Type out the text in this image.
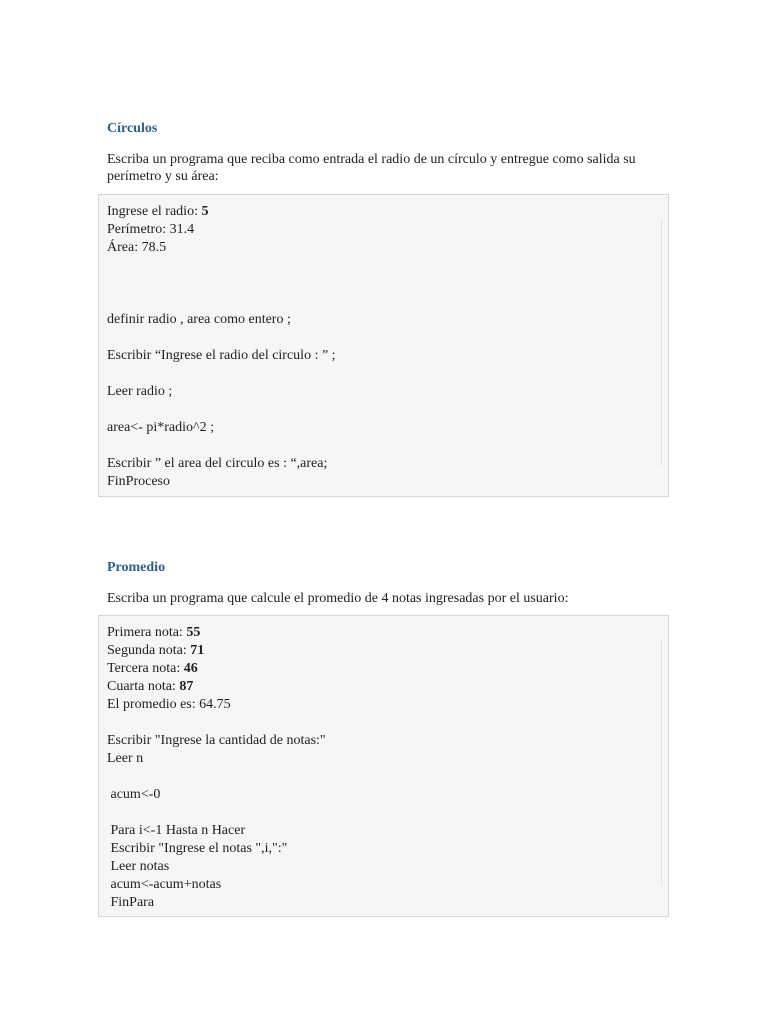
Círculos

Escriba un programa que reciba como entrada el radio de un círculo y entregue como salida su perímetro y su área:

Ingrese el radio: 5
Perímetro: 31.4
Área: 78.5
definir radio , area como entero ;
Escribir “Ingrese el radio del circulo : ” ;
Leer radio ;
area<- pi*radio^2 ;
Escribir ” el area del circulo es : “,area;
FinProceso
Promedio

Escriba un programa que calcule el promedio de 4 notas ingresadas por el usuario:

Primera nota: 55
Segunda nota: 71
Tercera nota: 46
Cuarta nota: 87
El promedio es: 64.75
Escribir "Ingrese la cantidad de notas:"
Leer n
acum<-0
Para i<-1 Hasta n Hacer
Escribir "Ingrese el notas ",i,":"
Leer notas
acum<-acum+notas
FinPara
